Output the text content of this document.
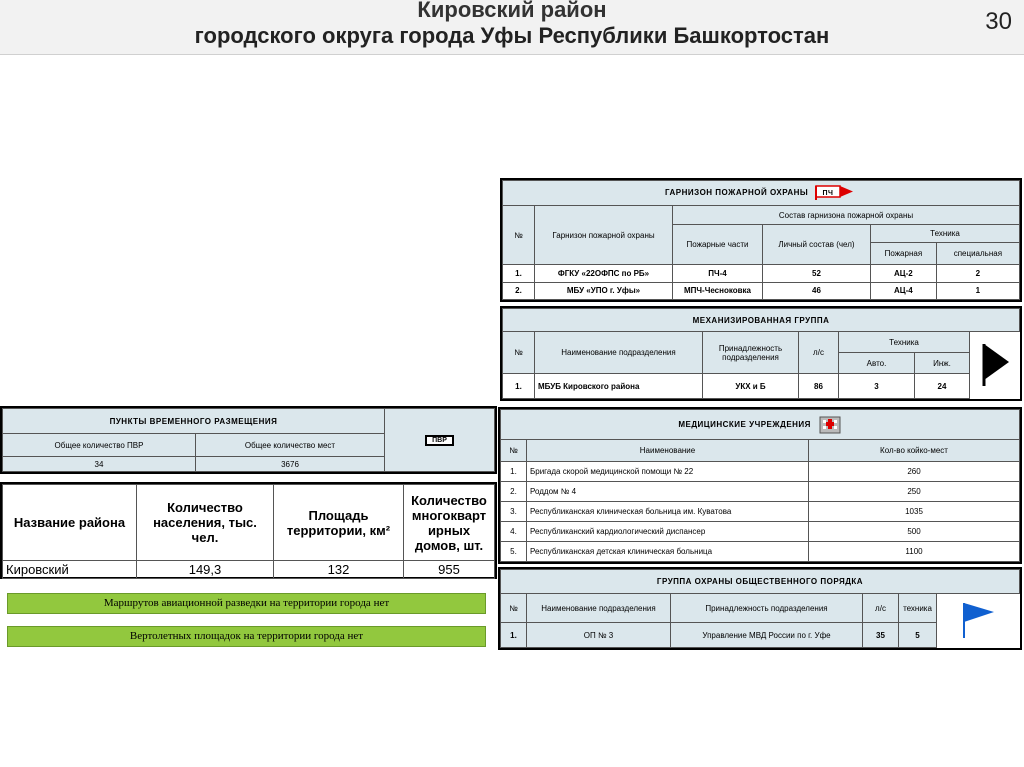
Кировский район
городского округа города Уфы Республики Башкортостан
30
ГАРНИЗОН ПОЖАРНОЙ ОХРАНЫ ПЧ					

№	Гарнизон пожарной охраны	Состав гарнизона пожарной охраны			
		Пожарные части	Личный состав (чел)	Техника	
				Пожарная	специальная
1.	ФГКУ «22ОФПС по РБ»	ПЧ-4	52	АЦ-2	2
2.	МБУ «УПО г. Уфы»	МПЧ-Чесноковка	46	АЦ-4	1
МЕХАНИЗИРОВАННАЯ ГРУППА						
№	Наименование подразделения	Принадлежность подразделения	л/с	Техника	
				Авто.	Инж.	
1.	МБУБ Кировского района	УКХ и Б	86	3	24	
ПУНКТЫ ВРЕМЕННОГО РАЗМЕЩЕНИЯ		ПВР
Общее количество ПВР	Общее количество мест	
34	3676	
Название района	Количество населения, тыс. чел.	Площадь территории, км²	Количество многокварт ирных домов, шт.
Кировский	149,3	132	955
Маршрутов авиационной разведки на территории города нет
Вертолетных площадок на территории города нет
МЕДИЦИНСКИЕ УЧРЕЖДЕНИЯ		
№	Наименование	Кол-во койко-мест
1.	Бригада скорой медицинской помощи № 22	260
2.	Роддом № 4	250
3.	Республиканская клиническая больница им. Куватова	1035
4.	Республиканский кардиологический диспансер	500
5.	Республиканская детская клиническая больница	1100
ГРУППА ОХРАНЫ ОБЩЕСТВЕННОГО ПОРЯДКА					
№	Наименование подразделения	Принадлежность подразделения	л/с	техника	
1.	ОП № 3	Управление МВД России по г. Уфе	35	5	
